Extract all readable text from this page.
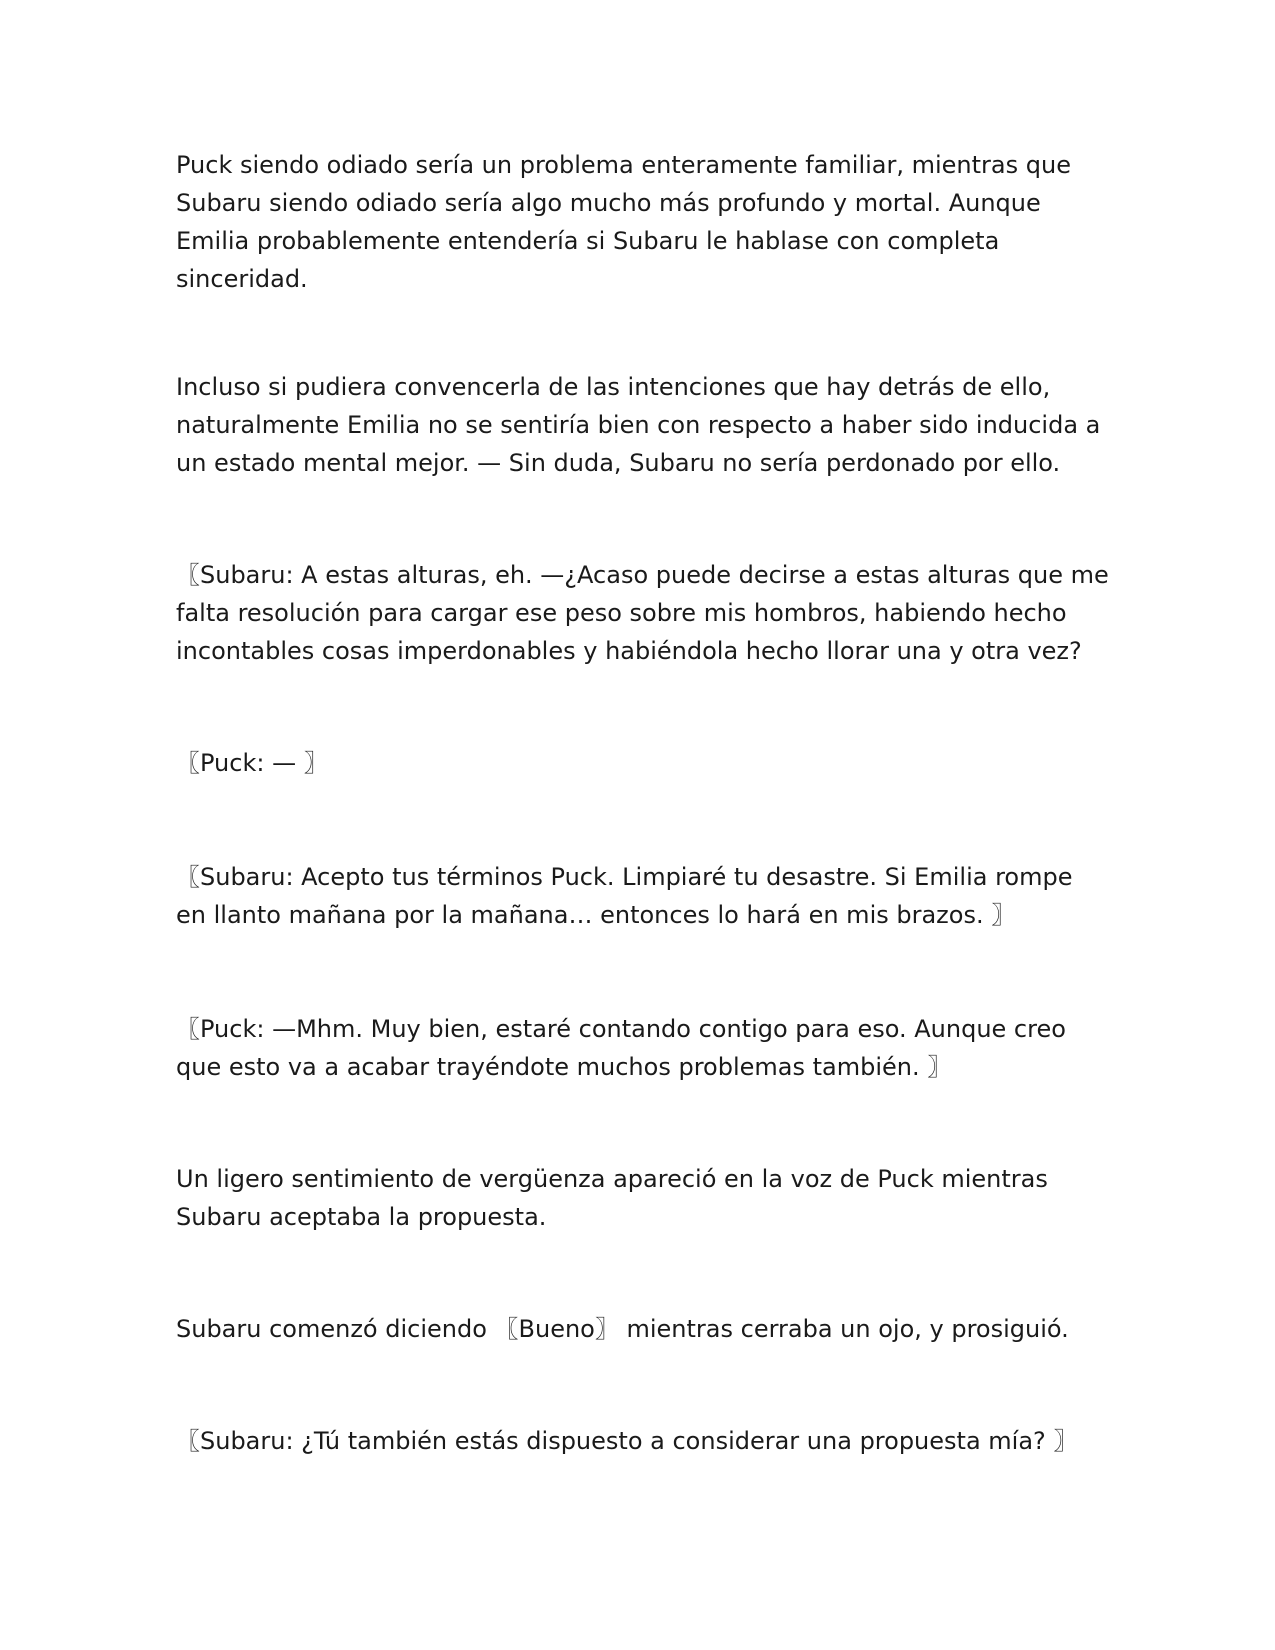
Puck siendo odiado sería un problema enteramente familiar, mientras que
Subaru siendo odiado sería algo mucho más profundo y mortal. Aunque
Emilia probablemente entendería si Subaru le hablase con completa
sinceridad.

Incluso si pudiera convencerla de las intenciones que hay detrás de ello,
naturalmente Emilia no se sentiría bien con respecto a haber sido inducida a
un estado mental mejor. — Sin duda, Subaru no sería perdonado por ello.

〖Subaru: A estas alturas, eh. —¿Acaso puede decirse a estas alturas que me
falta resolución para cargar ese peso sobre mis hombros, habiendo hecho
incontables cosas imperdonables y habiéndola hecho llorar una y otra vez?

〖Puck: — 〗

〖Subaru: Acepto tus términos Puck. Limpiaré tu desastre. Si Emilia rompe
en llanto mañana por la mañana… entonces lo hará en mis brazos. 〗

〖Puck: —Mhm. Muy bien, estaré contando contigo para eso. Aunque creo
que esto va a acabar trayéndote muchos problemas también. 〗

Un ligero sentimiento de vergüenza apareció en la voz de Puck mientras
Subaru aceptaba la propuesta.

Subaru comenzó diciendo 〖Bueno〗 mientras cerraba un ojo, y prosiguió.

〖Subaru: ¿Tú también estás dispuesto a considerar una propuesta mía? 〗
